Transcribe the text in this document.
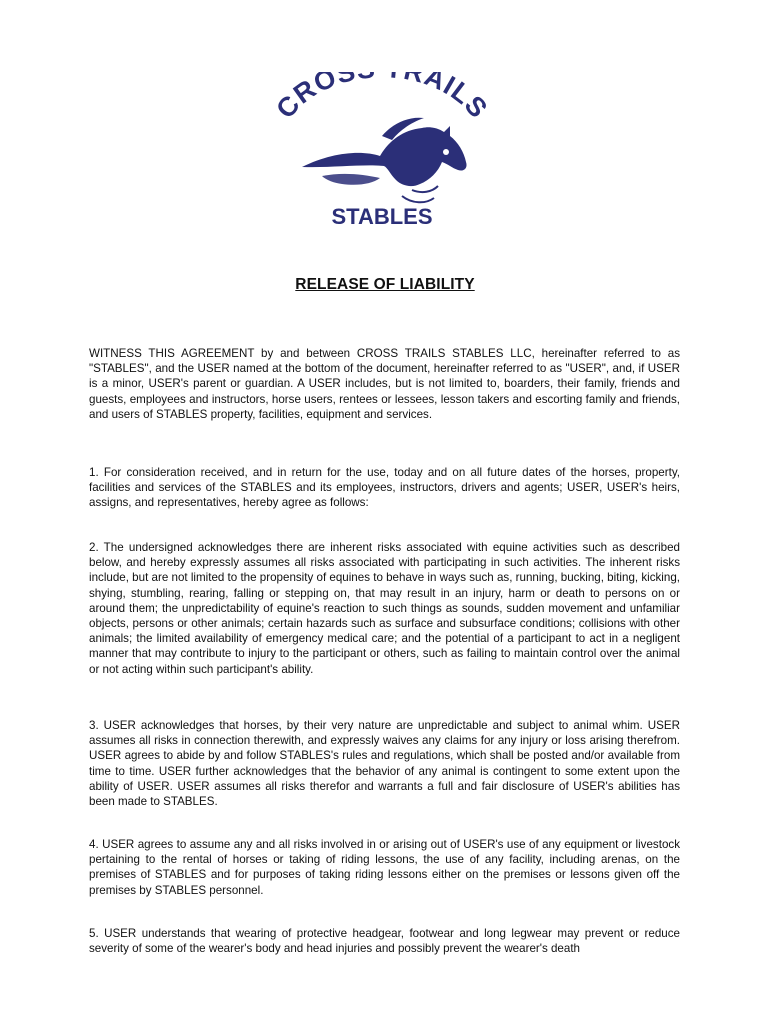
CROS AILS
STABLES
RELEASE OF LIABILITY

WITNESS THIS AGREEMENT by and between CROSS TRAILS STABLES LLC, hereinafter referred to as "STABLES", and the USER named at the bottom of the document, hereinafter referred to as "USER", and, if USER is a minor, USER's parent or guardian. A USER includes, but is not limited to, boarders, their family, friends and guests, employees and instructors, horse users, rentees or lessees, lesson takers and escorting family and friends, and users of STABLES property, facilities, equipment and services.

1. For consideration received, and in return for the use, today and on all future dates of the horses, property, facilities and services of the STABLES and its employees, instructors, drivers and agents; USER, USER's heirs, assigns, and representatives, hereby agree as follows:

2. The undersigned acknowledges there are inherent risks associated with equine activities such as described below, and hereby expressly assumes all risks associated with participating in such activities. The inherent risks include, but are not limited to the propensity of equines to behave in ways such as, running, bucking, biting, kicking, shying, stumbling, rearing, falling or stepping on, that may result in an injury, harm or death to persons on or around them; the unpredictability of equine's reaction to such things as sounds, sudden movement and unfamiliar objects, persons or other animals; certain hazards such as surface and subsurface conditions; collisions with other animals; the limited availability of emergency medical care; and the potential of a participant to act in a negligent manner that may contribute to injury to the participant or others, such as failing to maintain control over the animal or not acting within such participant's ability.

3. USER acknowledges that horses, by their very nature are unpredictable and subject to animal whim. USER assumes all risks in connection therewith, and expressly waives any claims for any injury or loss arising therefrom. USER agrees to abide by and follow STABLES's rules and regulations, which shall be posted and/or available from time to time. USER further acknowledges that the behavior of any animal is contingent to some extent upon the ability of USER. USER assumes all risks therefor and warrants a full and fair disclosure of USER's abilities has been made to STABLES.

4. USER agrees to assume any and all risks involved in or arising out of USER's use of any equipment or livestock pertaining to the rental of horses or taking of riding lessons, the use of any facility, including arenas, on the premises of STABLES and for purposes of taking riding lessons either on the premises or lessons given off the premises by STABLES personnel.

5. USER understands that wearing of protective headgear, footwear and long legwear may prevent or reduce severity of some of the wearer's body and head injuries and possibly prevent the wearer's death
